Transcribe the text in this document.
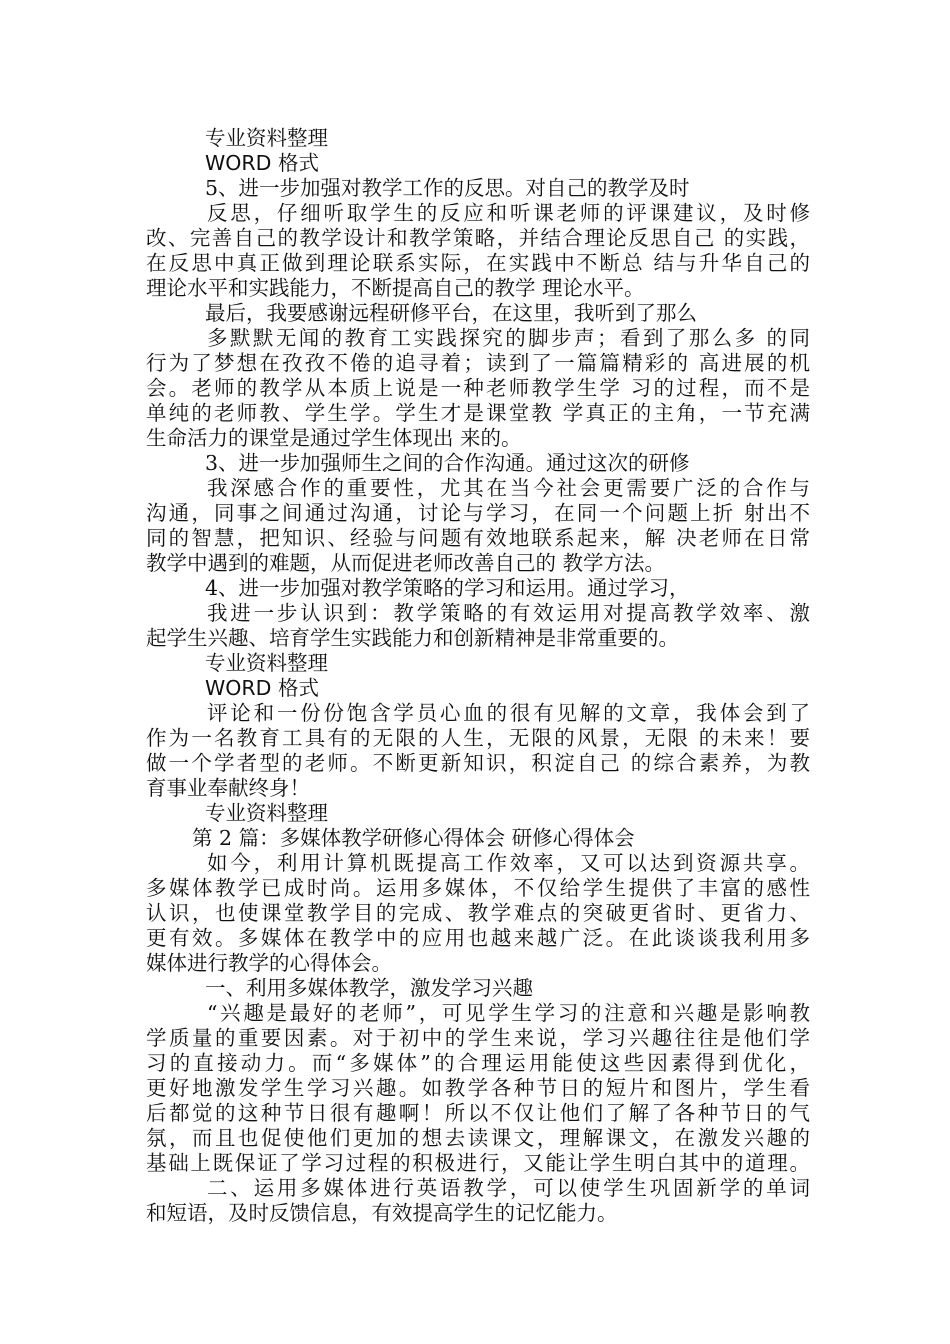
专业资料整理
WORD 格式
5、进一步加强对教学工作的反思。对自己的教学及时
反思，仔细听取学生的反应和听课老师的评课建议，及时修
改、完善自己的教学设计和教学策略，并结合理论反思自己 的实践，
在反思中真正做到理论联系实际，在实践中不断总 结与升华自己的
理论水平和实践能力，不断提高自己的教学 理论水平。
最后，我要感谢远程研修平台，在这里，我听到了那么
多默默无闻的教育工实践探究的脚步声；看到了那么多 的同
行为了梦想在孜孜不倦的追寻着；读到了一篇篇精彩的 高进展的机
会。老师的教学从本质上说是一种老师教学生学 习的过程，而不是
单纯的老师教、学生学。学生才是课堂教 学真正的主角，一节充满
生命活力的课堂是通过学生体现出 来的。
3、进一步加强师生之间的合作沟通。通过这次的研修
我深感合作的重要性，尤其在当今社会更需要广泛的合作与
沟通，同事之间通过沟通，讨论与学习，在同一个问题上折 射出不
同的智慧，把知识、经验与问题有效地联系起来，解 决老师在日常
教学中遇到的难题，从而促进老师改善自己的 教学方法。
4、进一步加强对教学策略的学习和运用。通过学习，
我进一步认识到：教学策略的有效运用对提高教学效率、激
起学生兴趣、培育学生实践能力和创新精神是非常重要的。
专业资料整理
WORD 格式
评论和一份份饱含学员心血的很有见解的文章，我体会到了
作为一名教育工具有的无限的人生，无限的风景，无限 的未来！要
做一个学者型的老师。不断更新知识，积淀自己 的综合素养，为教
育事业奉献终身！
专业资料整理
第 2 篇：多媒体教学研修心得体会 研修心得体会
如今，利用计算机既提高工作效率，又可以达到资源共享。
多媒体教学已成时尚。运用多媒体，不仅给学生提供了丰富的感性
认识，也使课堂教学目的完成、教学难点的突破更省时、更省力、
更有效。多媒体在教学中的应用也越来越广泛。在此谈谈我利用多
媒体进行教学的心得体会。
一、利用多媒体教学，激发学习兴趣
“兴趣是最好的老师”，可见学生学习的注意和兴趣是影响教
学质量的重要因素。对于初中的学生来说，学习兴趣往往是他们学
习的直接动力。而“多媒体”的合理运用能使这些因素得到优化，
更好地激发学生学习兴趣。如教学各种节日的短片和图片，学生看
后都觉的这种节日很有趣啊！所以不仅让他们了解了各种节日的气
氛，而且也促使他们更加的想去读课文，理解课文，在激发兴趣的
基础上既保证了学习过程的积极进行，又能让学生明白其中的道理。
二、运用多媒体进行英语教学，可以使学生巩固新学的单词
和短语，及时反馈信息，有效提高学生的记忆能力。
